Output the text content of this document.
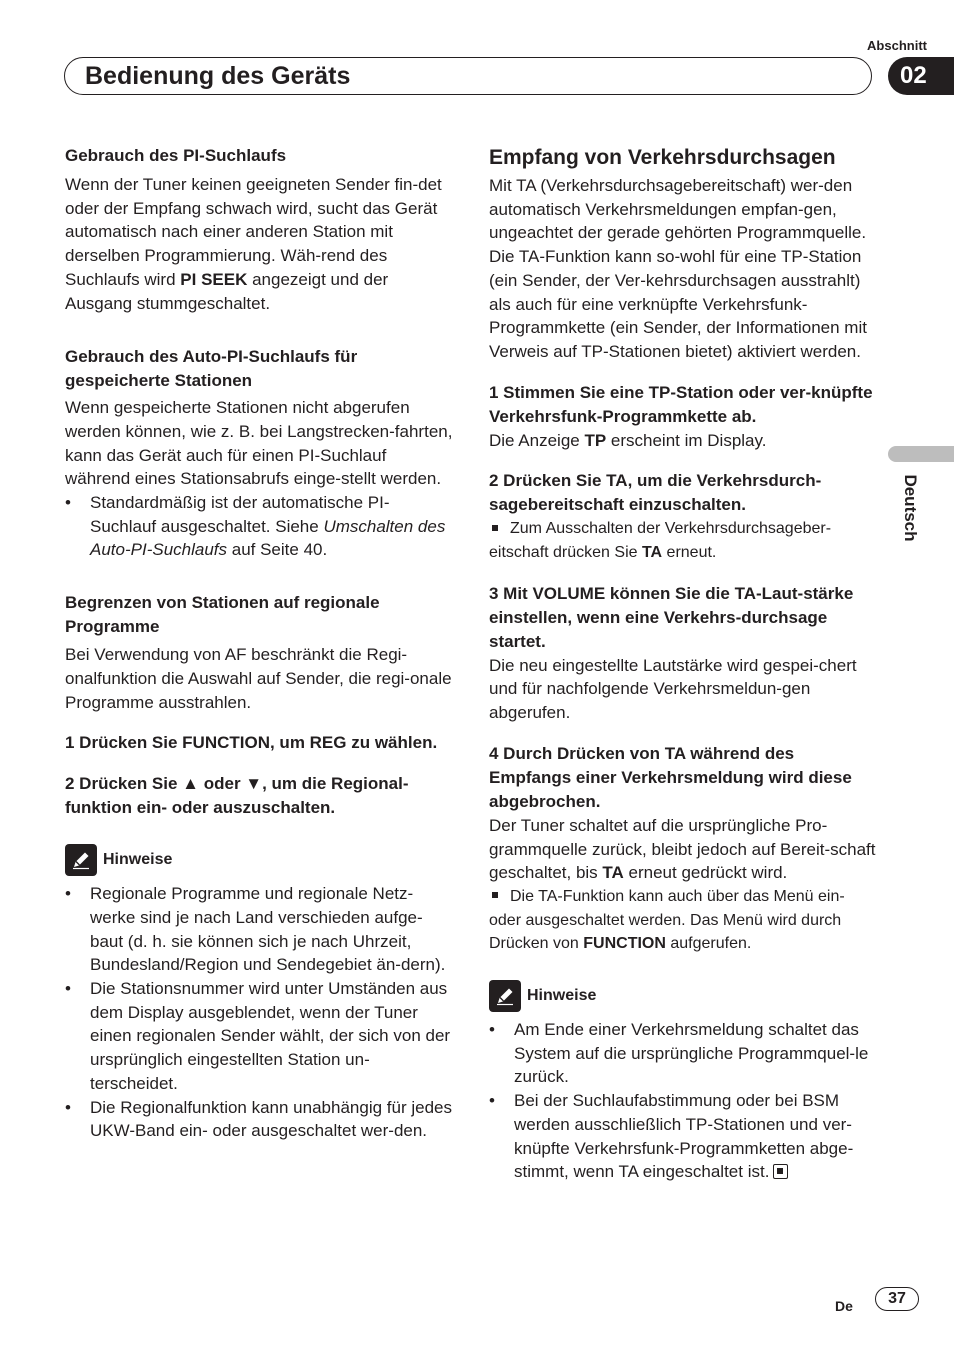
Abschnitt
Bedienung des Geräts	02
Deutsch

Gebrauch des PI-Suchlaufs

Wenn der Tuner keinen geeigneten Sender fin-det oder der Empfang schwach wird, sucht das Gerät automatisch nach einer anderen Station mit derselben Programmierung. Wäh-rend des Suchlaufs wird PI SEEK angezeigt und der Ausgang stummgeschaltet.

Gebrauch des Auto-PI-Suchlaufs für gespeicherte Stationen

Wenn gespeicherte Stationen nicht abgerufen werden können, wie z. B. bei Langstrecken-fahrten, kann das Gerät auch für einen PI-Suchlauf während eines Stationsabrufs einge-stellt werden.

• Standardmäßig ist der automatische PI-Suchlauf ausgeschaltet. Siehe Umschalten des Auto-PI-Suchlaufs auf Seite 40.

Begrenzen von Stationen auf regionale Programme

Bei Verwendung von AF beschränkt die Regi-onalfunktion die Auswahl auf Sender, die regi-onale Programme ausstrahlen.

1 Drücken Sie FUNCTION, um REG zu wählen.

2 Drücken Sie ▲ oder ▼, um die Regional-funktion ein- oder auszuschalten.

Hinweise
• Regionale Programme und regionale Netz-werke sind je nach Land verschieden aufge-baut (d. h. sie können sich je nach Uhrzeit, Bundesland/Region und Sendegebiet än-dern).
• Die Stationsnummer wird unter Umständen aus dem Display ausgeblendet, wenn der Tuner einen regionalen Sender wählt, der sich von der ursprünglich eingestellten Station un-terscheidet.
• Die Regionalfunktion kann unabhängig für jedes UKW-Band ein- oder ausgeschaltet wer-den.

Empfang von Verkehrsdurchsagen

Mit TA (Verkehrsdurchsagebereitschaft) wer-den automatisch Verkehrsmeldungen empfan-gen, ungeachtet der gerade gehörten Programmquelle. Die TA-Funktion kann so-wohl für eine TP-Station (ein Sender, der Ver-kehrsdurchsagen ausstrahlt) als auch für eine verknüpfte Verkehrsfunk-Programmkette (ein Sender, der Informationen mit Verweis auf TP-Stationen bietet) aktiviert werden.

1 Stimmen Sie eine TP-Station oder ver-knüpfte Verkehrsfunk-Programmkette ab.

Die Anzeige TP erscheint im Display.

2 Drücken Sie TA, um die Verkehrsdurch-sagebereitschaft einzuschalten.

Zum Ausschalten der Verkehrsdurchsageber-eitschaft drücken Sie TA erneut.

3 Mit VOLUME können Sie die TA-Laut-stärke einstellen, wenn eine Verkehrs-durchsage startet.

Die neu eingestellte Lautstärke wird gespei-chert und für nachfolgende Verkehrsmeldun-gen abgerufen.

4 Durch Drücken von TA während des Empfangs einer Verkehrsmeldung wird diese abgebrochen.

Der Tuner schaltet auf die ursprüngliche Pro-grammquelle zurück, bleibt jedoch auf Bereit-schaft geschaltet, bis TA erneut gedrückt wird.

Die TA-Funktion kann auch über das Menü ein- oder ausgeschaltet werden. Das Menü wird durch Drücken von FUNCTION aufgerufen.

Hinweise
• Am Ende einer Verkehrsmeldung schaltet das System auf die ursprüngliche Programmquel-le zurück.
• Bei der Suchlaufabstimmung oder bei BSM werden ausschließlich TP-Stationen und ver-knüpfte Verkehrsfunk-Programmketten abge-stimmt, wenn TA eingeschaltet ist.
De	37
